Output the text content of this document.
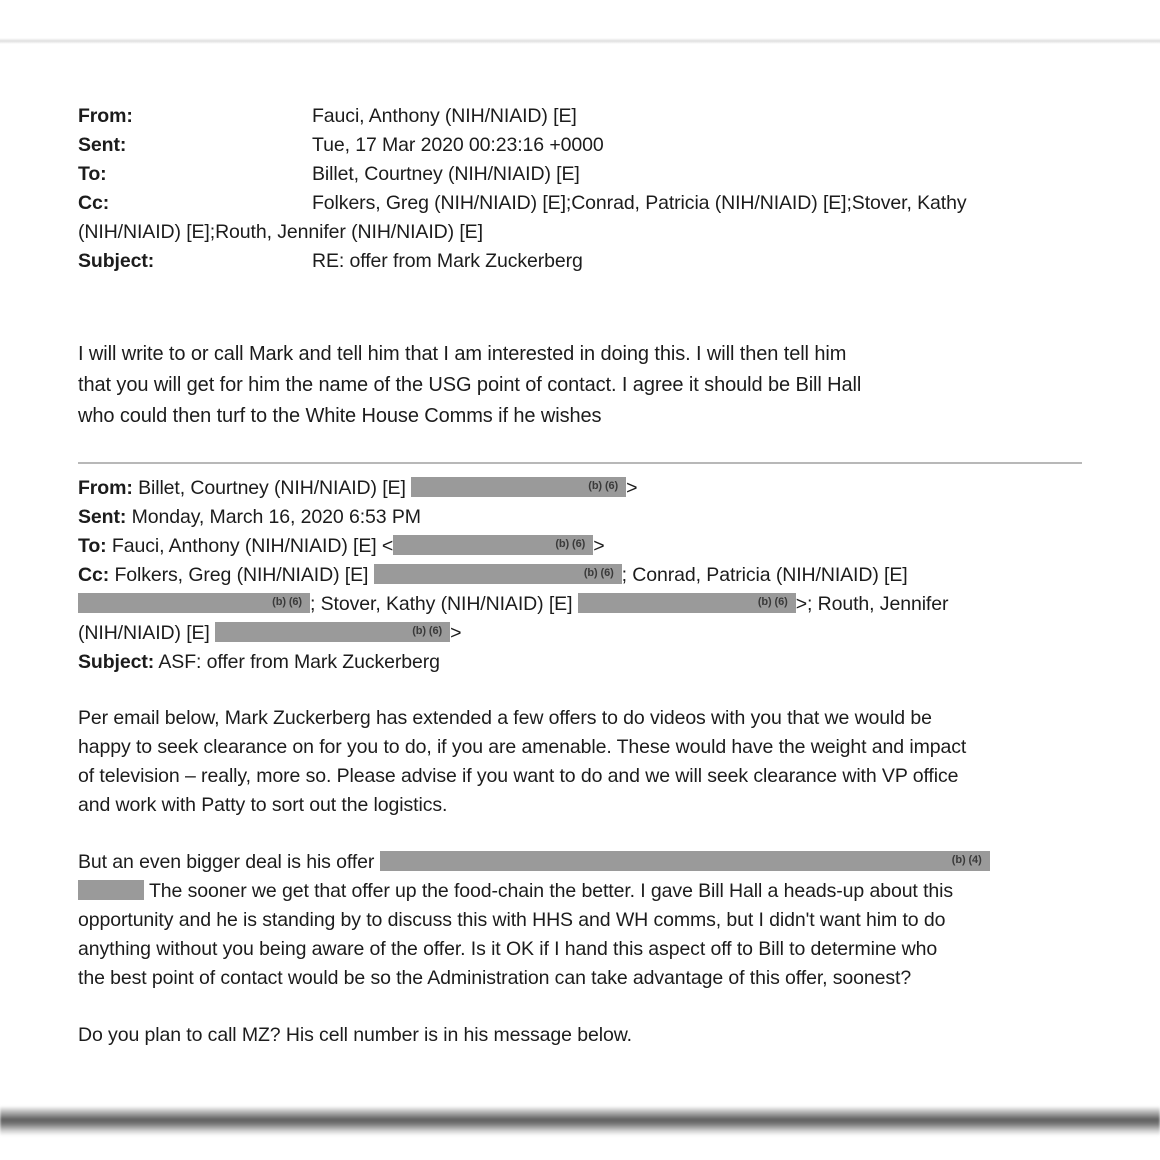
From:	Fauci, Anthony (NIH/NIAID) [E]
Sent:	Tue, 17 Mar 2020 00:23:16 +0000
To:	Billet, Courtney (NIH/NIAID) [E]
Cc:	Folkers, Greg (NIH/NIAID) [E];Conrad, Patricia (NIH/NIAID) [E];Stover, Kathy
(NIH/NIAID) [E];Routh, Jennifer (NIH/NIAID) [E]
Subject:	RE: offer from Mark Zuckerberg
I will write to or call Mark and tell him that I am interested in doing this. I will then tell him
that you will get for him the name of the USG point of contact. I agree it should be Bill Hall
who could then turf to the White House Comms if he wishes
From: Billet, Courtney (NIH/NIAID) [E]	(b) (6) >
Sent: Monday, March 16, 2020 6:53 PM
To: Fauci, Anthony (NIH/NIAID) [E] <	(b) (6) >
Cc: Folkers, Greg (NIH/NIAID) [E]	(b) (6) ; Conrad, Patricia (NIH/NIAID) [E]
(b) (6) ; Stover, Kathy (NIH/NIAID) [E]	(b) (6) >; Routh, Jennifer
(NIH/NIAID) [E]	(b) (6) >
Subject: ASF: offer from Mark Zuckerberg
Per email below, Mark Zuckerberg has extended a few offers to do videos with you that we would be
happy to seek clearance on for you to do, if you are amenable. These would have the weight and impact
of television – really, more so. Please advise if you want to do and we will seek clearance with VP office
and work with Patty to sort out the logistics.
But an even bigger deal is his offer	(b) (4)
The sooner we get that offer up the food-chain the better. I gave Bill Hall a heads-up about this
opportunity and he is standing by to discuss this with HHS and WH comms, but I didn't want him to do
anything without you being aware of the offer. Is it OK if I hand this aspect off to Bill to determine who
the best point of contact would be so the Administration can take advantage of this offer, soonest?
Do you plan to call MZ? His cell number is in his message below.
